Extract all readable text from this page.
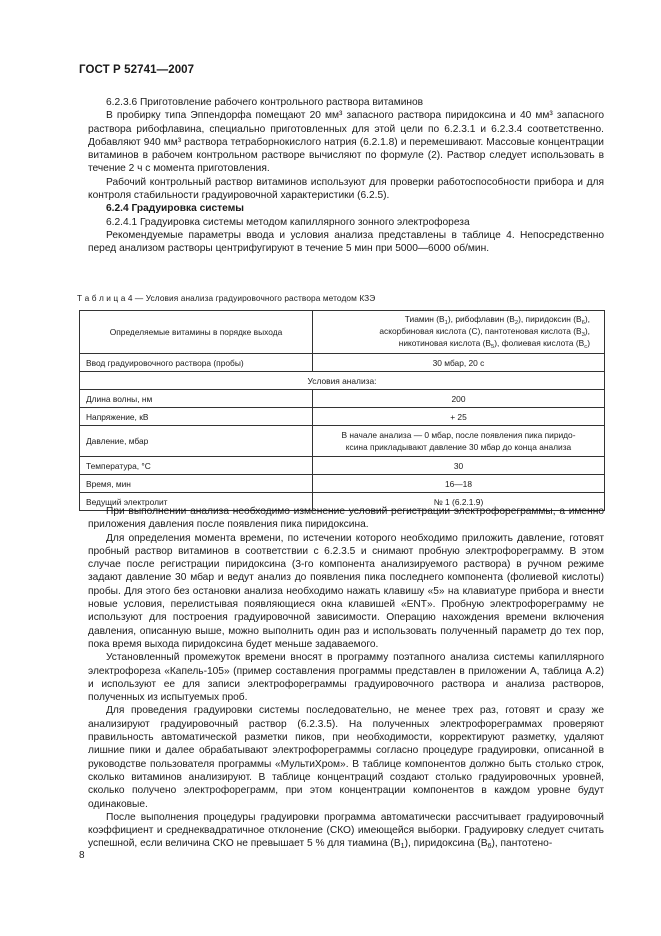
ГОСТ Р 52741—2007

6.2.3.6 Приготовление рабочего контрольного раствора витаминов

В пробирку типа Эппендорфа помещают 20 мм³ запасного раствора пиридоксина и 40 мм³ запасного раствора рибофлавина, специально приготовленных для этой цели по 6.2.3.1 и 6.2.3.4 соответственно. Добавляют 940 мм³ раствора тетраборнокислого натрия (6.2.1.8) и перемешивают. Массовые концентрации витаминов в рабочем контрольном растворе вычисляют по формуле (2). Раствор следует использовать в течение 2 ч с момента приготовления.

Рабочий контрольный раствор витаминов используют для проверки работоспособности прибора и для контроля стабильности градуировочной характеристики (6.2.5).

6.2.4 Градуировка системы

6.2.4.1 Градуировка системы методом капиллярного зонного электрофореза

Рекомендуемые параметры ввода и условия анализа представлены в таблице 4. Непосредственно перед анализом растворы центрифугируют в течение 5 мин при 5000—6000 об/мин.

Т а б л и ц а 4 — Условия анализа градуировочного раствора методом КЗЭ
Определяемые витамины в порядке выхода	Тиамин $(B_1)$, рибофлавин $(B_2)$, пиридоксин $(B_6)$,
аскорбиновая кислота (C), пантотеновая кислота $(B_3)$,
никотиновая кислота $(B_5)$, фолиевая кислота $(B_c)$
Ввод градуировочного раствора (пробы)	30 мбар, 20 с
Условия анализа:	
Длина волны, нм	200
Напряжение, кВ	+ 25
Давление, мбар	В начале анализа — 0 мбар, после появления пика пиридо-
ксина прикладывают давление 30 мбар до конца анализа
Температура, °С	30
Время, мин	16—18
Ведущий электролит	№ 1 (6.2.1.9)

При выполнении анализа необходимо изменение условий регистрации электрофореграммы, а именно приложения давления после появления пика пиридоксина.

Для определения момента времени, по истечении которого необходимо приложить давление, готовят пробный раствор витаминов в соответствии с 6.2.3.5 и снимают пробную электрофореграмму. В этом случае после регистрации пиридоксина (3-го компонента анализируемого раствора) в ручном режиме задают давление 30 мбар и ведут анализ до появления пика последнего компонента (фолиевой кислоты) пробы. Для этого без остановки анализа необходимо нажать клавишу «5» на клавиатуре прибора и внести новые условия, перелистывая появляющиеся окна клавишей «ENT». Пробную электрофореграмму не используют для построения градуировочной зависимости. Операцию нахождения времени включения давления, описанную выше, можно выполнить один раз и использовать полученный параметр до тех пор, пока время выхода пиридоксина будет меньше задаваемого.

Установленный промежуток времени вносят в программу поэтапного анализа системы капиллярного электрофореза «Капель-105» (пример составления программы представлен в приложении А, таблица А.2) и используют ее для записи электрофореграммы градуировочного раствора и анализа растворов, полученных из испытуемых проб.

Для проведения градуировки системы последовательно, не менее трех раз, готовят и сразу же анализируют градуировочный раствор (6.2.3.5). На полученных электрофореграммах проверяют правильность автоматической разметки пиков, при необходимости, корректируют разметку, удаляют лишние пики и далее обрабатывают электрофореграммы согласно процедуре градуировки, описанной в руководстве пользователя программы «МультиХром». В таблице компонентов должно быть столько строк, сколько витаминов анализируют. В таблице концентраций создают столько градуировочных уровней, сколько получено электрофореграмм, при этом концентрации компонентов в каждом уровне будут одинаковые.

После выполнения процедуры градуировки программа автоматически рассчитывает градуировочный коэффициент и среднеквадратичное отклонение (СКО) имеющейся выборки. Градуировку следует считать успешной, если величина СКО не превышает 5 % для тиамина $(B_1)$, пиридоксина $(B_6)$, пантотено-

8
